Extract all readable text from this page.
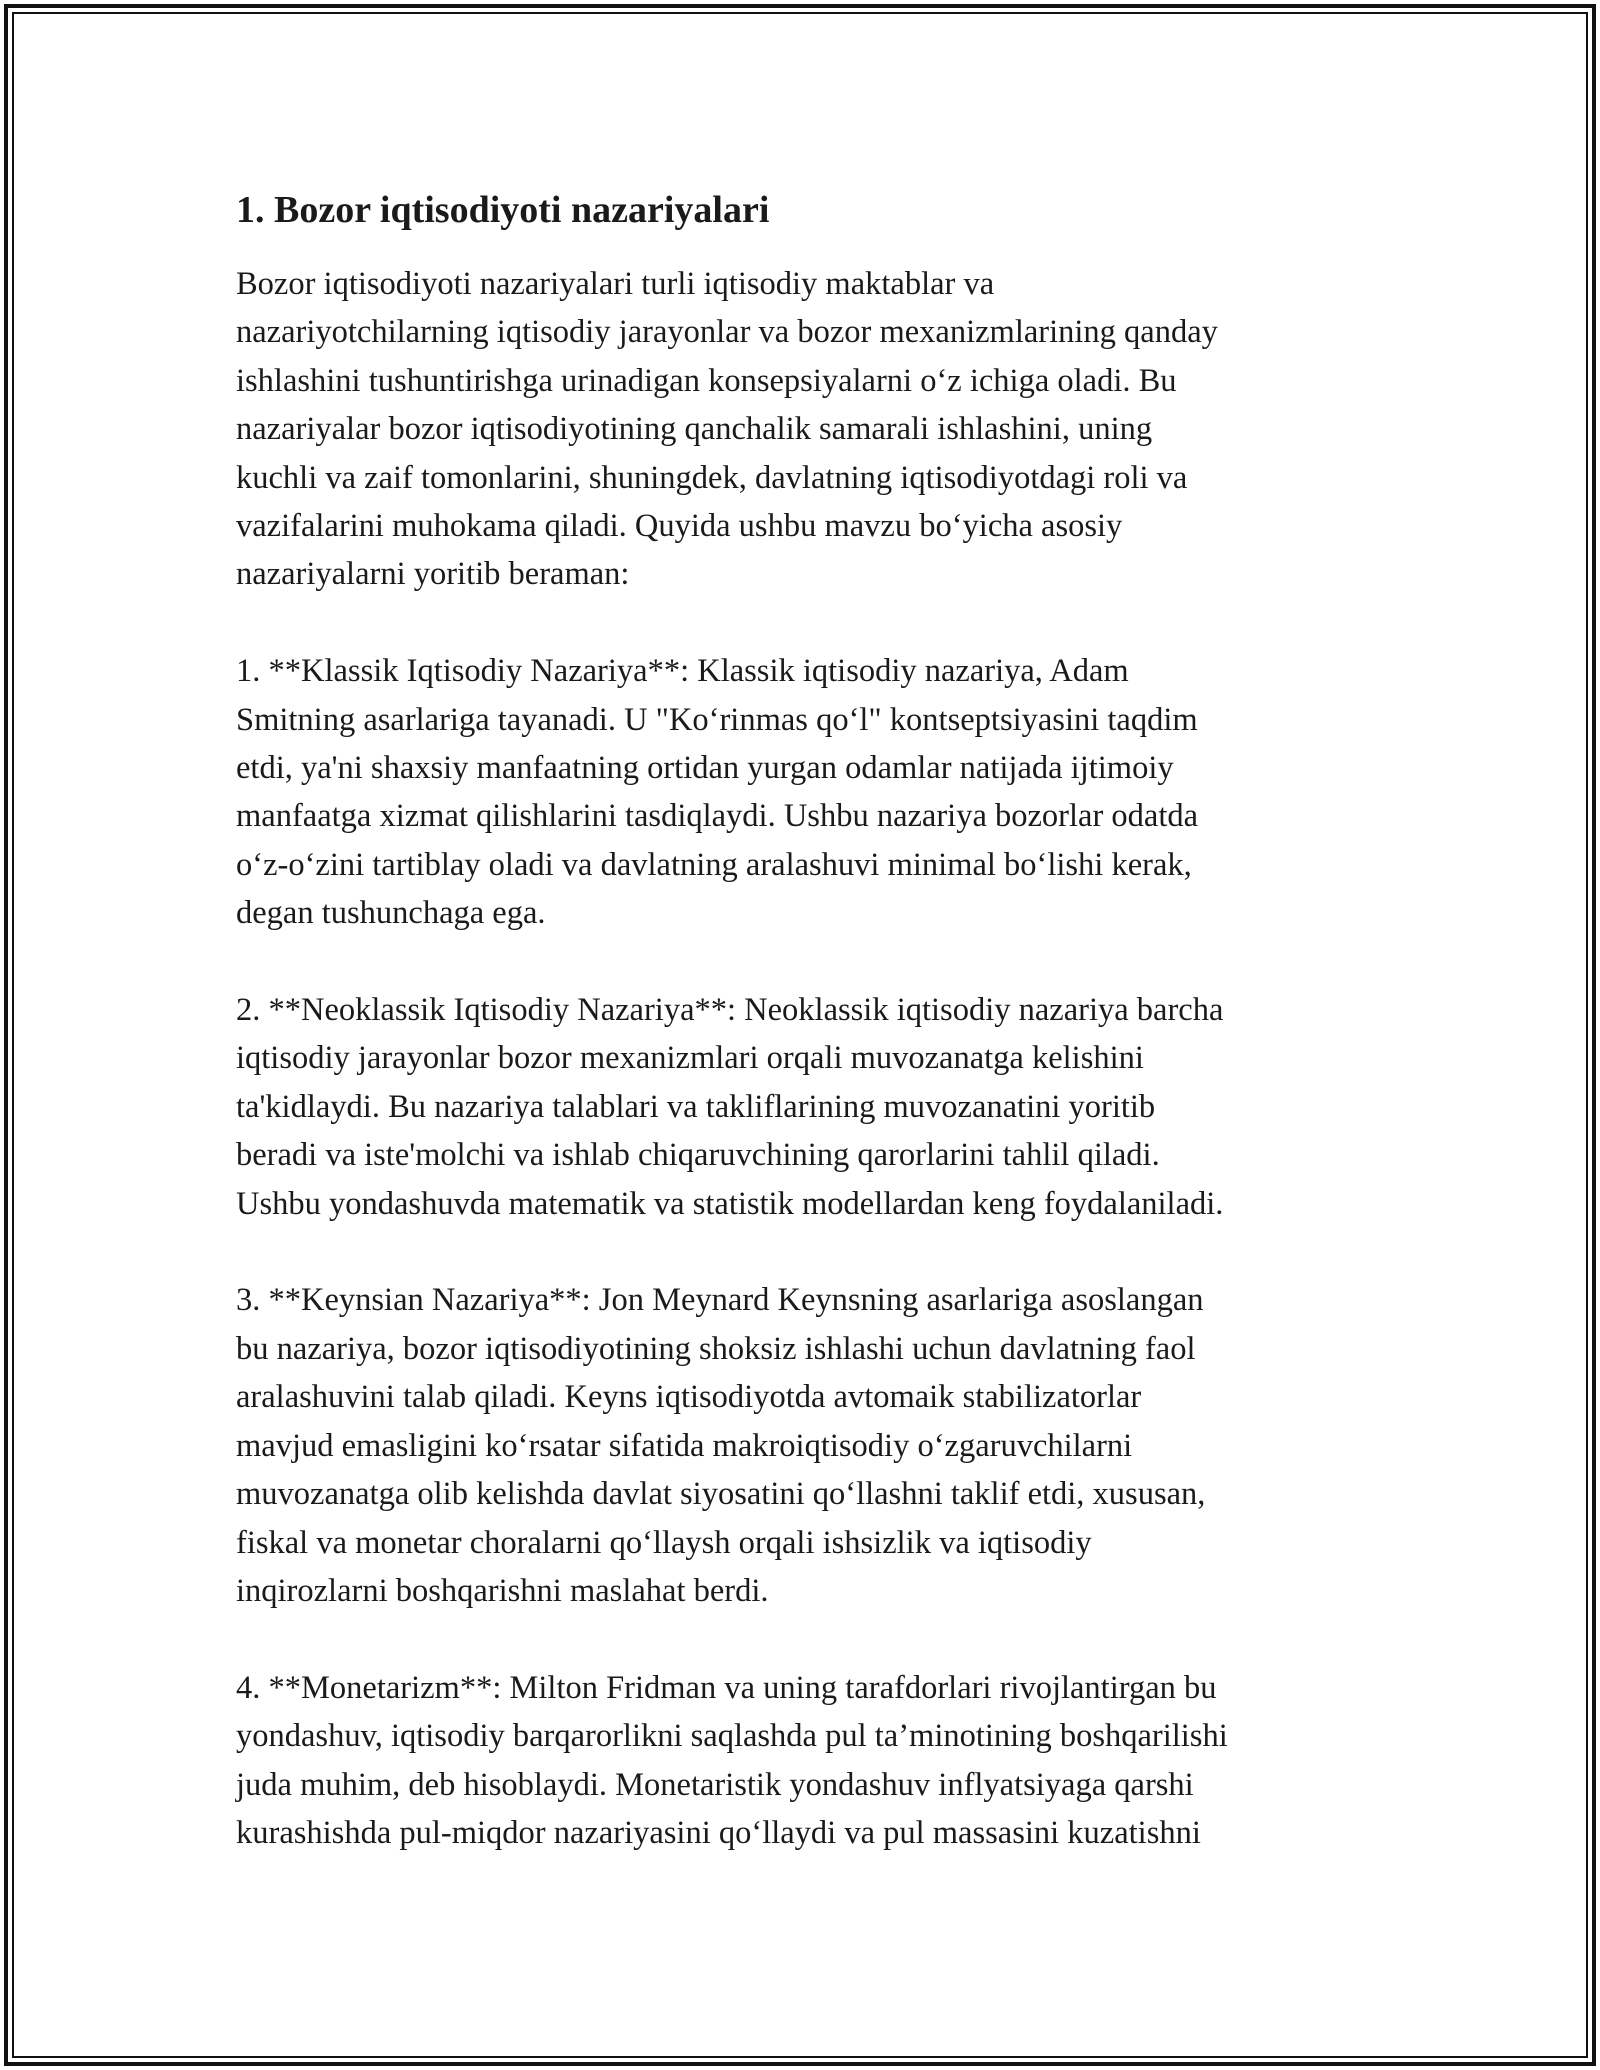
1. Bozor iqtisodiyoti nazariyalari

Bozor iqtisodiyoti nazariyalari turli iqtisodiy maktablar va
nazariyotchilarning iqtisodiy jarayonlar va bozor mexanizmlarining qanday
ishlashini tushuntirishga urinadigan konsepsiyalarni o‘z ichiga oladi. Bu
nazariyalar bozor iqtisodiyotining qanchalik samarali ishlashini, uning
kuchli va zaif tomonlarini, shuningdek, davlatning iqtisodiyotdagi roli va
vazifalarini muhokama qiladi. Quyida ushbu mavzu bo‘yicha asosiy
nazariyalarni yoritib beraman:

1. **Klassik Iqtisodiy Nazariya**: Klassik iqtisodiy nazariya, Adam
Smitning asarlariga tayanadi. U "Ko‘rinmas qo‘l" kontseptsiyasini taqdim
etdi, ya'ni shaxsiy manfaatning ortidan yurgan odamlar natijada ijtimoiy
manfaatga xizmat qilishlarini tasdiqlaydi. Ushbu nazariya bozorlar odatda
o‘z-o‘zini tartiblay oladi va davlatning aralashuvi minimal bo‘lishi kerak,
degan tushunchaga ega.

2. **Neoklassik Iqtisodiy Nazariya**: Neoklassik iqtisodiy nazariya barcha
iqtisodiy jarayonlar bozor mexanizmlari orqali muvozanatga kelishini
ta'kidlaydi. Bu nazariya talablari va takliflarining muvozanatini yoritib
beradi va iste'molchi va ishlab chiqaruvchining qarorlarini tahlil qiladi.
Ushbu yondashuvda matematik va statistik modellardan keng foydalaniladi.

3. **Keynsian Nazariya**: Jon Meynard Keynsning asarlariga asoslangan
bu nazariya, bozor iqtisodiyotining shoksiz ishlashi uchun davlatning faol
aralashuvini talab qiladi. Keyns iqtisodiyotda avtomaik stabilizatorlar
mavjud emasligini ko‘rsatar sifatida makroiqtisodiy o‘zgaruvchilarni
muvozanatga olib kelishda davlat siyosatini qo‘llashni taklif etdi, xususan,
fiskal va monetar choralarni qo‘llaysh orqali ishsizlik va iqtisodiy
inqirozlarni boshqarishni maslahat berdi.

4. **Monetarizm**: Milton Fridman va uning tarafdorlari rivojlantirgan bu
yondashuv, iqtisodiy barqarorlikni saqlashda pul ta’minotining boshqarilishi
juda muhim, deb hisoblaydi. Monetaristik yondashuv inflyatsiyaga qarshi
kurashishda pul-miqdor nazariyasini qo‘llaydi va pul massasini kuzatishni
